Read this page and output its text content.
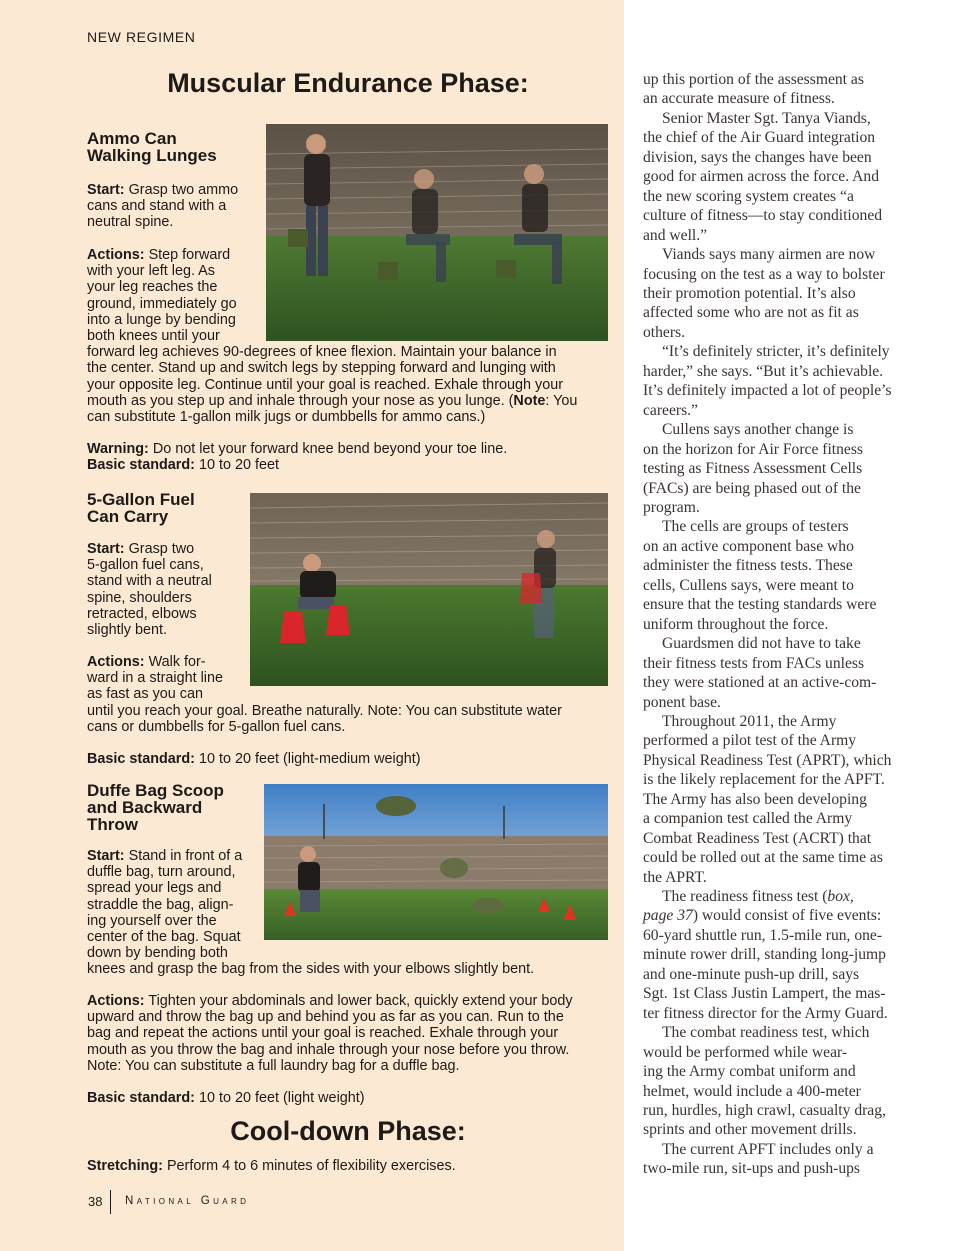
NEW REGIMEN
Muscular Endurance Phase:
Ammo Can
Walking Lunges

Start: Grasp two ammo
cans and stand with a
neutral spine.

Actions: Step forward
with your left leg. As
your leg reaches the
ground, immediately go
into a lunge by bending
both knees until your
forward leg achieves 90-degrees of knee flexion. Maintain your balance in
the center. Stand up and switch legs by stepping forward and lunging with
your opposite leg. Continue until your goal is reached. Exhale through your
mouth as you step up and inhale through your nose as you lunge. (Note: You
can substitute 1-gallon milk jugs or dumbbells for ammo cans.)

Warning: Do not let your forward knee bend beyond your toe line.
Basic standard: 10 to 20 feet

5-Gallon Fuel
Can Carry

Start: Grasp two
5-gallon fuel cans,
stand with a neutral
spine, shoulders
retracted, elbows
slightly bent.

Actions: Walk for-
ward in a straight line
as fast as you can
until you reach your goal. Breathe naturally. Note: You can substitute water
cans or dumbbells for 5-gallon fuel cans.

Basic standard: 10 to 20 feet (light-medium weight)

Duffe Bag Scoop
and Backward
Throw

Start: Stand in front of a
duffle bag, turn around,
spread your legs and
straddle the bag, align-
ing yourself over the
center of the bag. Squat
down by bending both
knees and grasp the bag from the sides with your elbows slightly bent.

Actions: Tighten your abdominals and lower back, quickly extend your body
upward and throw the bag up and behind you as far as you can. Run to the
bag and repeat the actions until your goal is reached. Exhale through your
mouth as you throw the bag and inhale through your nose before you throw.
Note: You can substitute a full laundry bag for a duffle bag.

Basic standard: 10 to 20 feet (light weight)

Cool-down Phase:

Stretching: Perform 4 to 6 minutes of flexibility exercises.

38 National Guard

up this portion of the assessment as
an accurate measure of fitness.

Senior Master Sgt. Tanya Viands,
the chief of the Air Guard integration
division, says the changes have been
good for airmen across the force. And
the new scoring system creates “a
culture of fitness—to stay conditioned
and well.”

Viands says many airmen are now
focusing on the test as a way to bolster
their promotion potential. It’s also
affected some who are not as fit as
others.

“It’s definitely stricter, it’s definitely
harder,” she says. “But it’s achievable.
It’s definitely impacted a lot of people’s
careers.”

Cullens says another change is
on the horizon for Air Force fitness
testing as Fitness Assessment Cells
(FACs) are being phased out of the
program.

The cells are groups of testers
on an active component base who
administer the fitness tests. These
cells, Cullens says, were meant to
ensure that the testing standards were
uniform throughout the force.

Guardsmen did not have to take
their fitness tests from FACs unless
they were stationed at an active-com-
ponent base.

Throughout 2011, the Army
performed a pilot test of the Army
Physical Readiness Test (APRT), which
is the likely replacement for the APFT.
The Army has also been developing
a companion test called the Army
Combat Readiness Test (ACRT) that
could be rolled out at the same time as
the APRT.

The readiness fitness test (box,
page 37) would consist of five events:
60-yard shuttle run, 1.5-mile run, one-
minute rower drill, standing long-jump
and one-minute push-up drill, says
Sgt. 1st Class Justin Lampert, the mas-
ter fitness director for the Army Guard.

The combat readiness test, which
would be performed while wear-
ing the Army combat uniform and
helmet, would include a 400-meter
run, hurdles, high crawl, casualty drag,
sprints and other movement drills.

The current APFT includes only a
two-mile run, sit-ups and push-ups
